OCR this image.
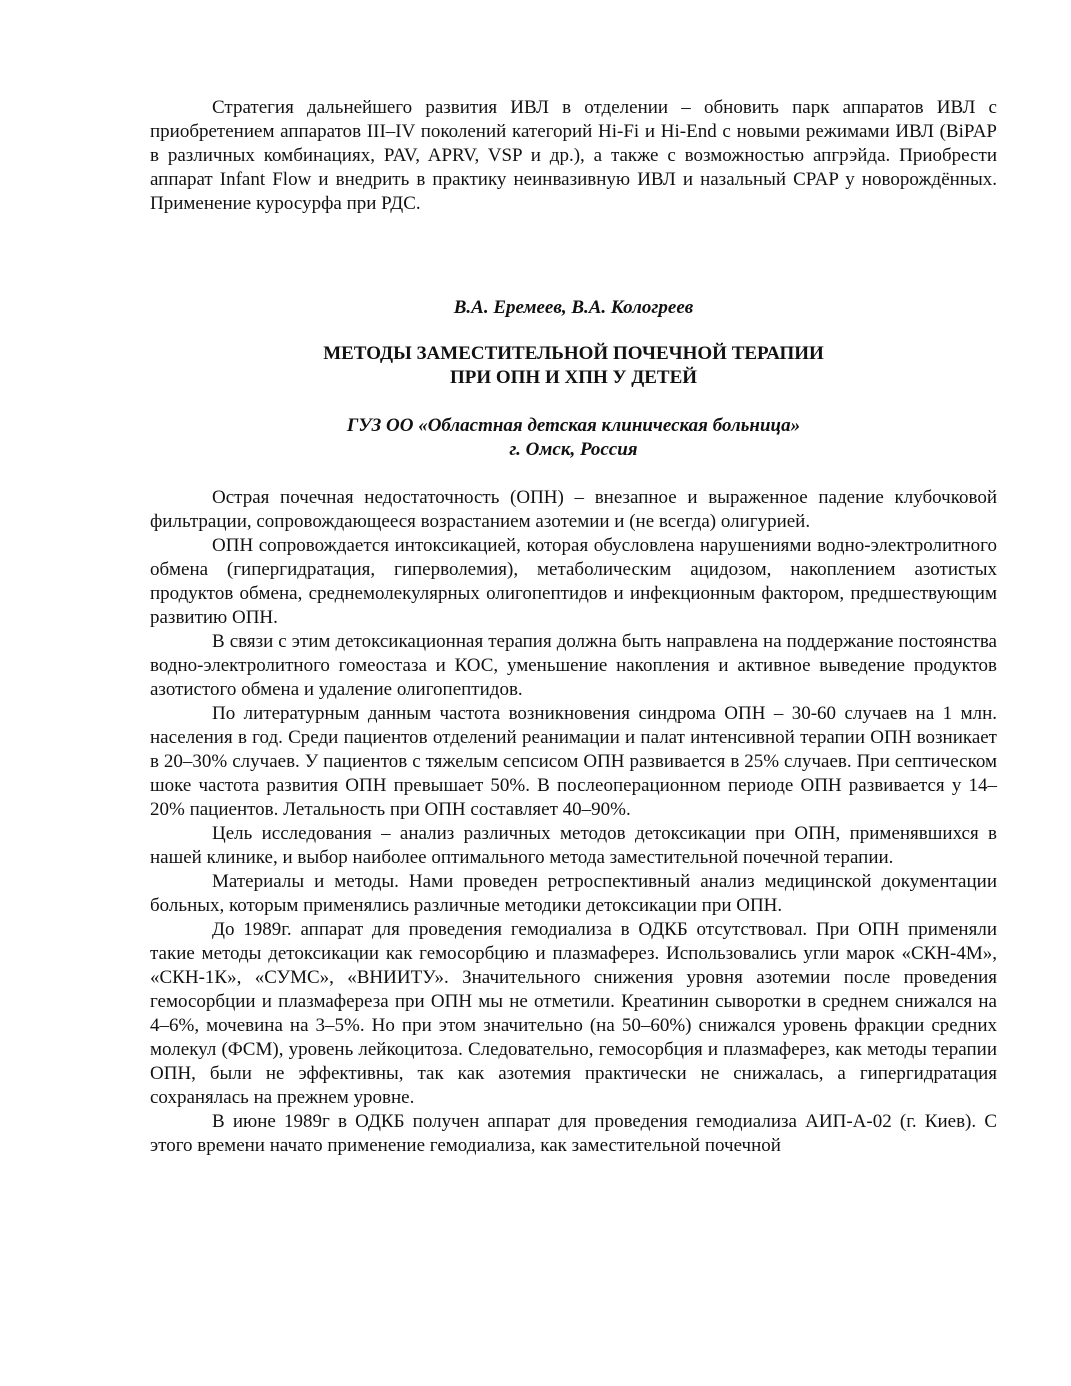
Стратегия дальнейшего развития ИВЛ в отделении – обновить парк аппаратов ИВЛ с приобретением аппаратов III–IV поколений категорий Hi-Fi и Hi-End с новыми режимами ИВЛ (BiPAP в различных комбинациях, PAV, APRV, VSP и др.), а также с возможностью апгрэйда. Приобрести аппарат Infant Flow и внедрить в практику неинвазивную ИВЛ и назальный CPAP у новорождённых. Применение куросурфа при РДС.

В.А. Еремеев, В.А. Кологреев
МЕТОДЫ ЗАМЕСТИТЕЛЬНОЙ ПОЧЕЧНОЙ ТЕРАПИИ
ПРИ ОПН И ХПН У ДЕТЕЙ
ГУЗ ОО «Областная детская клиническая больница»
г. Омск, Россия

Острая почечная недостаточность (ОПН) – внезапное и выраженное падение клубочковой фильтрации, сопровождающееся возрастанием азотемии и (не всегда) олигурией.

ОПН сопровождается интоксикацией, которая обусловлена нарушениями водно-электролитного обмена (гипергидратация, гиперволемия), метаболическим ацидозом, накоплением азотистых продуктов обмена, среднемолекулярных олигопептидов и инфекционным фактором, предшествующим развитию ОПН.

В связи с этим детоксикационная терапия должна быть направлена на поддержание постоянства водно-электролитного гомеостаза и КОС, уменьшение накопления и активное выведение продуктов азотистого обмена и удаление олигопептидов.

По литературным данным частота возникновения синдрома ОПН – 30-60 случаев на 1 млн. населения в год. Среди пациентов отделений реанимации и палат интенсивной терапии ОПН возникает в 20–30% случаев. У пациентов с тяжелым сепсисом ОПН развивается в 25% случаев. При септическом шоке частота развития ОПН превышает 50%. В послеоперационном периоде ОПН развивается у 14–20% пациентов. Летальность при ОПН составляет 40–90%.

Цель исследования – анализ различных методов детоксикации при ОПН, применявшихся в нашей клинике, и выбор наиболее оптимального метода заместительной почечной терапии.

Материалы и методы. Нами проведен ретроспективный анализ медицинской документации больных, которым применялись различные методики детоксикации при ОПН.

До 1989г. аппарат для проведения гемодиализа в ОДКБ отсутствовал. При ОПН применяли такие методы детоксикации как гемосорбцию и плазмаферез. Использовались угли марок «СКН-4М», «СКН-1К», «СУМС», «ВНИИТУ». Значительного снижения уровня азотемии после проведения гемосорбции и плазмафереза при ОПН мы не отметили. Креатинин сыворотки в среднем снижался на 4–6%, мочевина на 3–5%. Но при этом значительно (на 50–60%) снижался уровень фракции средних молекул (ФСМ), уровень лейкоцитоза. Следовательно, гемосорбция и плазмаферез, как методы терапии ОПН, были не эффективны, так как азотемия практически не снижалась, а гипергидратация сохранялась на прежнем уровне.

В июне 1989г в ОДКБ получен аппарат для проведения гемодиализа АИП-А-02 (г. Киев). С этого времени начато применение гемодиализа, как заместительной почечной
